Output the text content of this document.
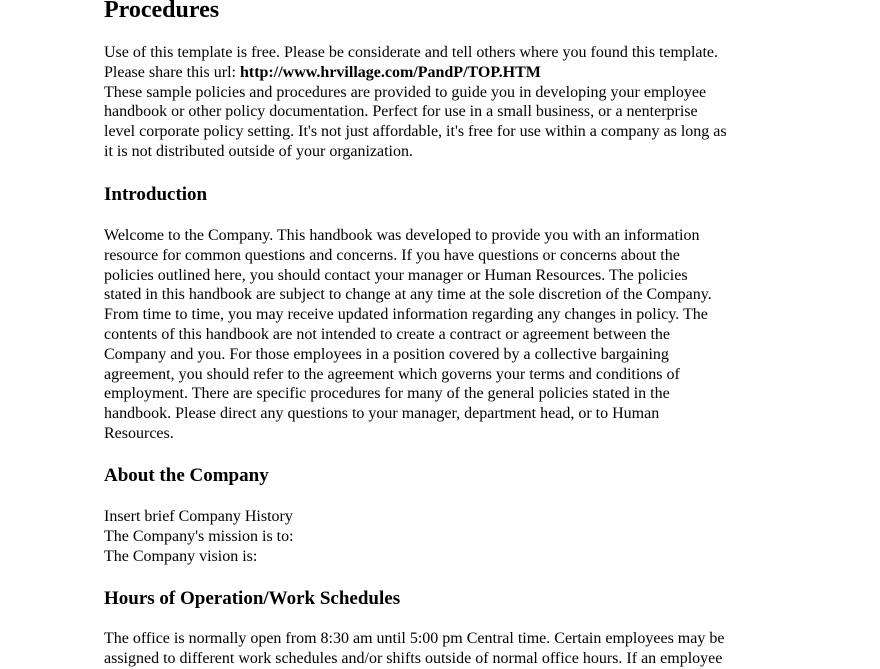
Procedures

Use of this template is free. Please be considerate and tell others where you found this template.
Please share this url: http://www.hrvillage.com/PandP/TOP.HTM
These sample policies and procedures are provided to guide you in developing your employee
handbook or other policy documentation. Perfect for use in a small business, or a nenterprise
level corporate policy setting. It's not just affordable, it's free for use within a company as long as
it is not distributed outside of your organization.

Introduction

Welcome to the Company. This handbook was developed to provide you with an information
resource for common questions and concerns. If you have questions or concerns about the
policies outlined here, you should contact your manager or Human Resources. The policies
stated in this handbook are subject to change at any time at the sole discretion of the Company.
From time to time, you may receive updated information regarding any changes in policy. The
contents of this handbook are not intended to create a contract or agreement between the
Company and you. For those employees in a position covered by a collective bargaining
agreement, you should refer to the agreement which governs your terms and conditions of
employment. There are specific procedures for many of the general policies stated in the
handbook. Please direct any questions to your manager, department head, or to Human
Resources.

About the Company

Insert brief Company History
The Company's mission is to:
The Company vision is:

Hours of Operation/Work Schedules

The office is normally open from 8:30 am until 5:00 pm Central time. Certain employees may be
assigned to different work schedules and/or shifts outside of normal office hours. If an employee
